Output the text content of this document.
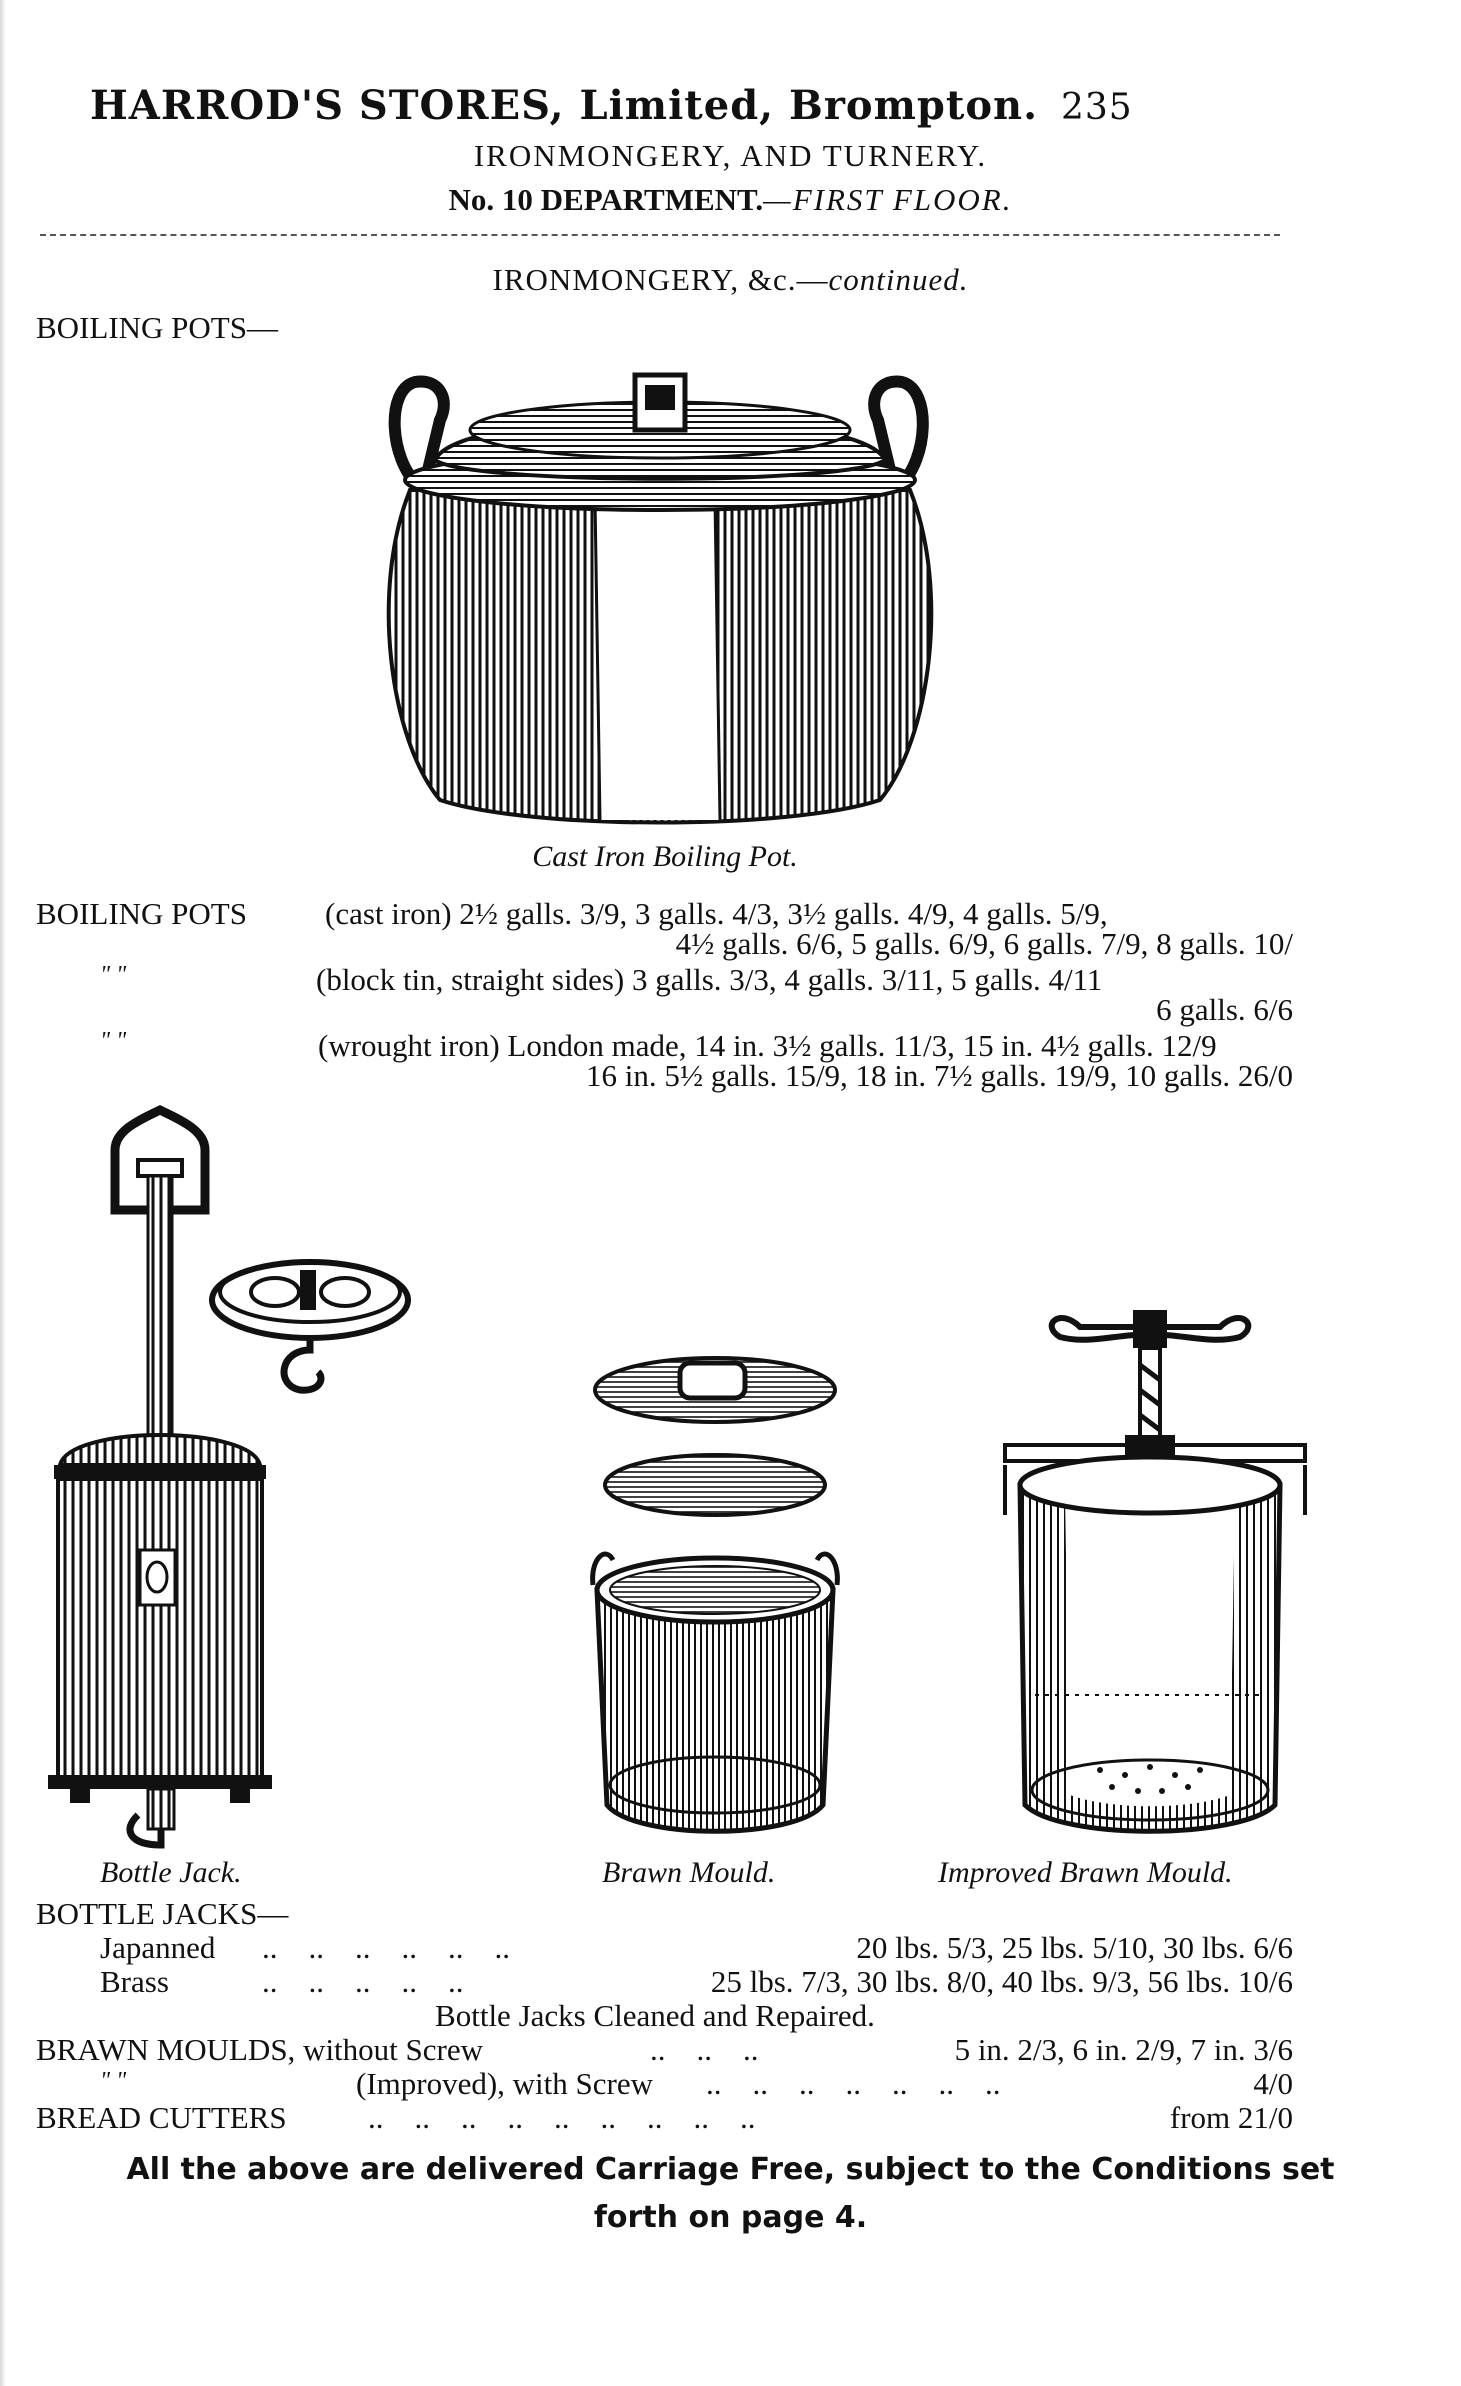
HARROD'S STORES, Limited, Brompton. 235
IRONMONGERY, AND TURNERY.
No. 10 DEPARTMENT.—FIRST FLOOR.
IRONMONGERY, &c.—continued.
BOILING POTS—
Cast Iron Boiling Pot.
BOILING POTS	(cast iron) 2½ galls. 3/9, 3 galls. 4/3, 3½ galls. 4/9, 4 galls. 5/9,
4½ galls. 6/6, 5 galls. 6/9, 6 galls. 7/9, 8 galls. 10/
" "	(block tin, straight sides) 3 galls. 3/3, 4 galls. 3/11, 5 galls. 4/11
6 galls. 6/6
" "	(wrought iron) London made, 14 in. 3½ galls. 11/3, 15 in. 4½ galls. 12/9
16 in. 5½ galls. 15/9, 18 in. 7½ galls. 19/9, 10 galls. 26/0
Bottle Jack.	Brawn Mould.	Improved Brawn Mould.
BOTTLE JACKS—
Japanned ..    ..    ..    ..    ..    ..	20 lbs. 5/3, 25 lbs. 5/10, 30 lbs. 6/6
Brass	..    ..    ..    ..    ..	25 lbs. 7/3, 30 lbs. 8/0, 40 lbs. 9/3, 56 lbs. 10/6
Bottle Jacks Cleaned and Repaired.
BRAWN MOULDS, without Screw	..    ..    ..	5 in. 2/3, 6 in. 2/9, 7 in. 3/6
" "	(Improved), with Screw ..    ..    ..    ..    ..    ..    ..	4/0
BREAD CUTTERS	..    ..    ..    ..    ..    ..    ..    ..    ..	from 21/0
All the above are delivered Carriage Free, subject to the Conditions set
forth on page 4.
